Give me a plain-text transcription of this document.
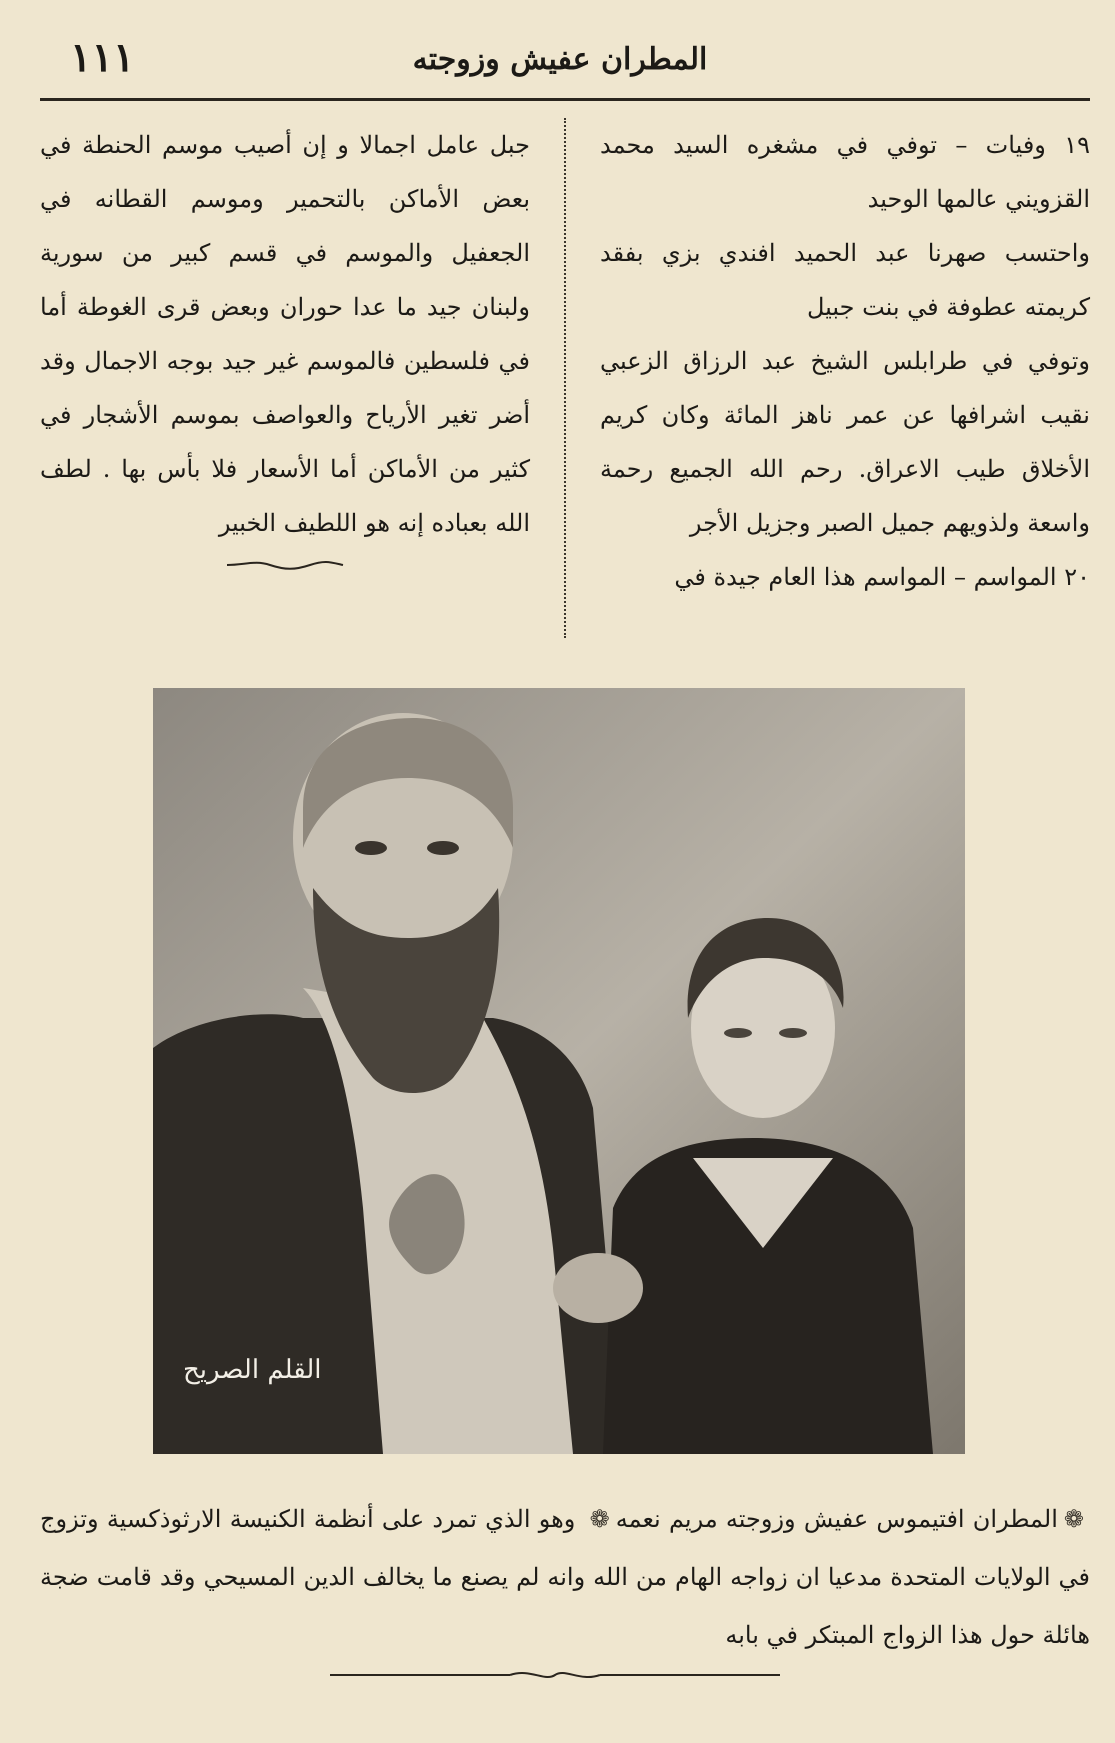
١١١	المطران عفيش وزوجته

١٩ وفيات – توفي في مشغره السيد محمد القزويني عالمها الوحيد

واحتسب صهرنا عبد الحميد افندي بزي بفقد كريمته عطوفة في بنت جبيل

وتوفي في طرابلس الشيخ عبد الرزاق الزعبي نقيب اشرافها عن عمر ناهز المائة وكان كريم الأخلاق طيب الاعراق. رحم الله الجميع رحمة واسعة ولذويهم جميل الصبر وجزيل الأجر

٢٠ المواسم – المواسم هذا العام جيدة في

جبل عامل اجمالا و إن أصيب موسم الحنطة في بعض الأماكن بالتحمير وموسم القطانه في الجعفيل والموسم في قسم كبير من سورية ولبنان جيد ما عدا حوران وبعض قرى الغوطة أما في فلسطين فالموسم غير جيد بوجه الاجمال وقد أضر تغير الأرياح والعواصف بموسم الأشجار في كثير من الأماكن أما الأسعار فلا بأس بها . لطف الله بعباده إنه هو اللطيف الخبير

القلم الصريح

❁المطران افتيموس عفيش وزوجته مريم نعمه❁ وهو الذي تمرد على أنظمة الكنيسة الارثوذكسية وتزوج في الولايات المتحدة مدعيا ان زواجه الهام من الله وانه لم يصنع ما يخالف الدين المسيحي وقد قامت ضجة هائلة حول هذا الزواج المبتكر في بابه
